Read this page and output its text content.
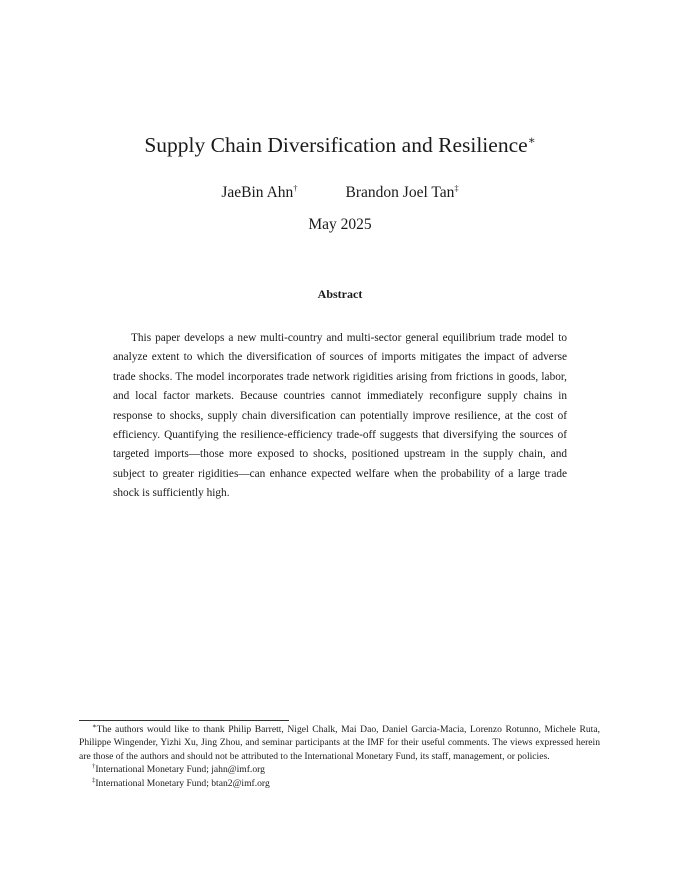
Supply Chain Diversification and Resilience∗
JaeBin Ahn†	Brandon Joel Tan‡
May 2025
Abstract

This paper develops a new multi-country and multi-sector general equilibrium trade model to analyze extent to which the diversification of sources of imports mitigates the impact of adverse trade shocks. The model incorporates trade network rigidities arising from frictions in goods, labor, and local factor markets. Because countries cannot immediately reconfigure supply chains in response to shocks, supply chain diversification can potentially improve resilience, at the cost of efficiency. Quantifying the resilience-efficiency trade-off suggests that diversifying the sources of targeted imports—those more exposed to shocks, positioned upstream in the supply chain, and subject to greater rigidities—can enhance expected welfare when the probability of a large trade shock is sufficiently high.

∗The authors would like to thank Philip Barrett, Nigel Chalk, Mai Dao, Daniel Garcia-Macia, Lorenzo Rotunno, Michele Ruta, Philippe Wingender, Yizhi Xu, Jing Zhou, and seminar participants at the IMF for their useful comments. The views expressed herein are those of the authors and should not be attributed to the International Monetary Fund, its staff, management, or policies.

†International Monetary Fund; jahn@imf.org

‡International Monetary Fund; btan2@imf.org
